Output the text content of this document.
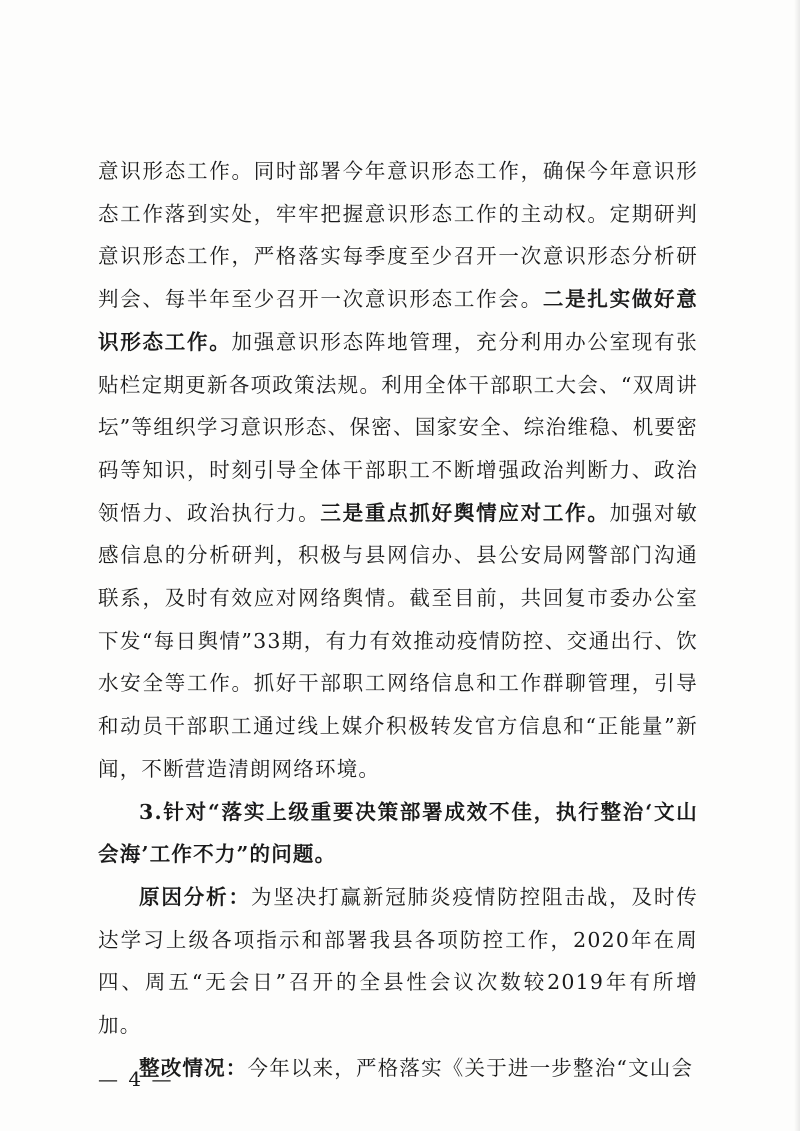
意识形态工作。同时部署今年意识形态工作，确保今年意识形态工作落到实处，牢牢把握意识形态工作的主动权。定期研判意识形态工作，严格落实每季度至少召开一次意识形态分析研判会、每半年至少召开一次意识形态工作会。二是扎实做好意识形态工作。加强意识形态阵地管理，充分利用办公室现有张贴栏定期更新各项政策法规。利用全体干部职工大会、“双周讲坛”等组织学习意识形态、保密、国家安全、综治维稳、机要密码等知识，时刻引导全体干部职工不断增强政治判断力、政治领悟力、政治执行力。三是重点抓好舆情应对工作。加强对敏感信息的分析研判，积极与县网信办、县公安局网警部门沟通联系，及时有效应对网络舆情。截至目前，共回复市委办公室下发“每日舆情”33期，有力有效推动疫情防控、交通出行、饮水安全等工作。抓好干部职工网络信息和工作群聊管理，引导和动员干部职工通过线上媒介积极转发官方信息和“正能量”新闻，不断营造清朗网络环境。

3.针对“落实上级重要决策部署成效不佳，执行整治‘文山会海’工作不力”的问题。

原因分析：为坚决打赢新冠肺炎疫情防控阻击战，及时传达学习上级各项指示和部署我县各项防控工作，2020年在周四、周五“无会日”召开的全县性会议次数较2019年有所增加。

整改情况：今年以来，严格落实《关于进一步整治“文山会

— 4 —
